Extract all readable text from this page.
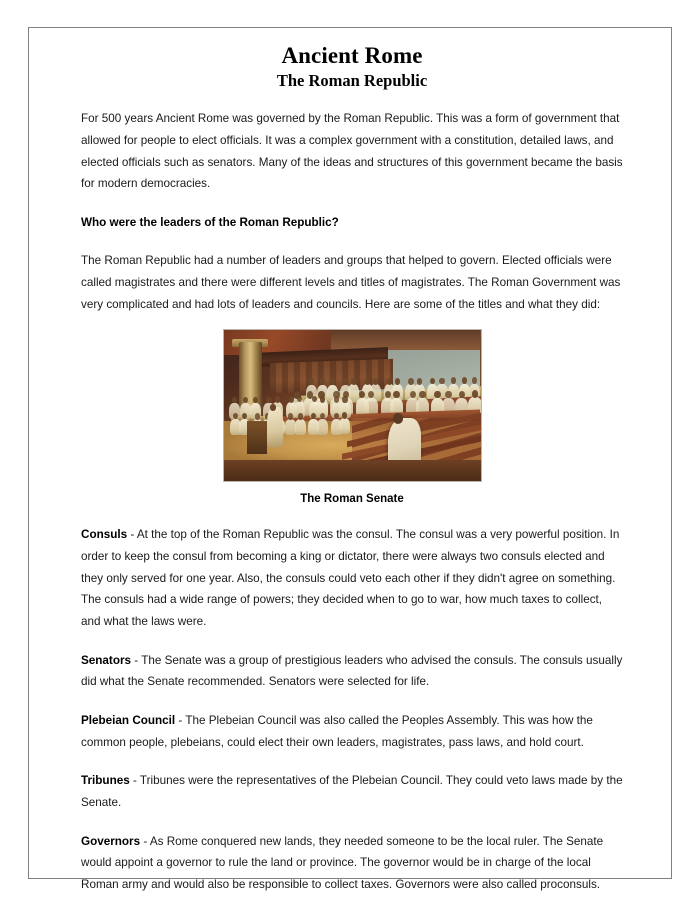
Ancient Rome
The Roman Republic

For 500 years Ancient Rome was governed by the Roman Republic. This was a form of government that allowed for people to elect officials. It was a complex government with a constitution, detailed laws, and elected officials such as senators. Many of the ideas and structures of this government became the basis for modern democracies.

Who were the leaders of the Roman Republic?

The Roman Republic had a number of leaders and groups that helped to govern. Elected officials were called magistrates and there were different levels and titles of magistrates. The Roman Government was very complicated and had lots of leaders and councils. Here are some of the titles and what they did:

The Roman Senate

Consuls - At the top of the Roman Republic was the consul. The consul was a very powerful position. In order to keep the consul from becoming a king or dictator, there were always two consuls elected and they only served for one year. Also, the consuls could veto each other if they didn't agree on something. The consuls had a wide range of powers; they decided when to go to war, how much taxes to collect, and what the laws were.

Senators - The Senate was a group of prestigious leaders who advised the consuls. The consuls usually did what the Senate recommended. Senators were selected for life.

Plebeian Council - The Plebeian Council was also called the Peoples Assembly. This was how the common people, plebeians, could elect their own leaders, magistrates, pass laws, and hold court.

Tribunes - Tribunes were the representatives of the Plebeian Council. They could veto laws made by the Senate.

Governors - As Rome conquered new lands, they needed someone to be the local ruler. The Senate would appoint a governor to rule the land or province. The governor would be in charge of the local Roman army and would also be responsible to collect taxes. Governors were also called proconsuls.
